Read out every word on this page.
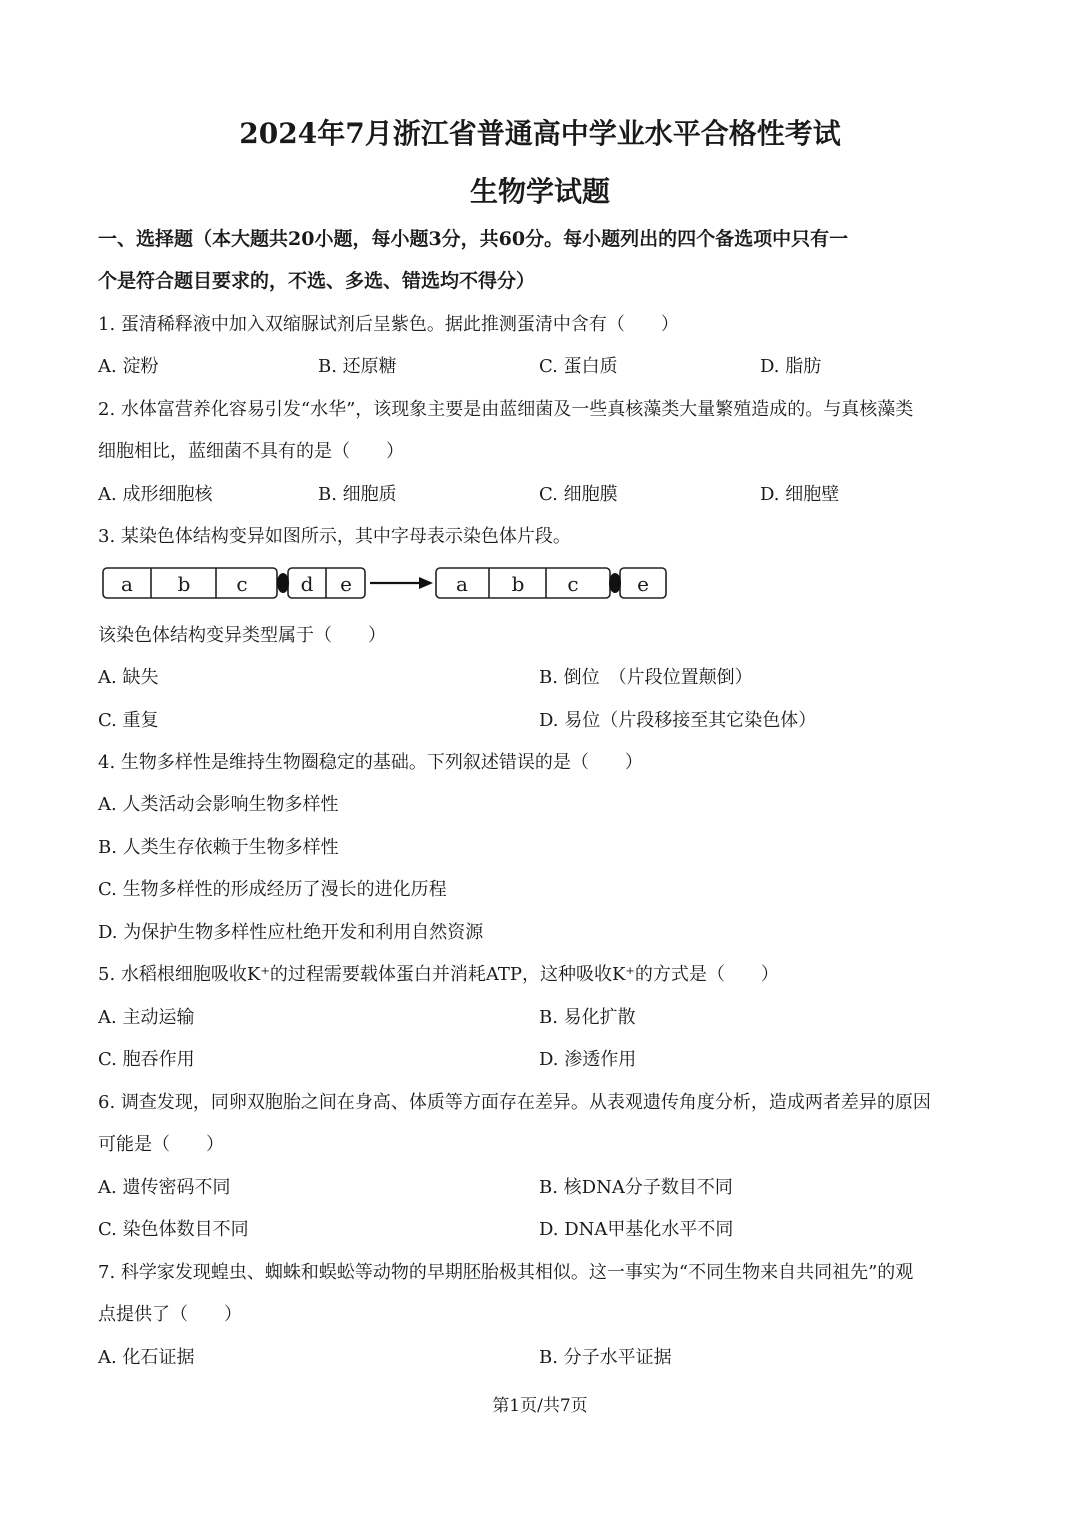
2024年7月浙江省普通高中学业水平合格性考试
生物学试题

一、选择题（本大题共20小题，每小题3分，共60分。每小题列出的四个备选项中只有一

个是符合题目要求的，不选、多选、错选均不得分）

1. 蛋清稀释液中加入双缩脲试剂后呈紫色。据此推测蛋清中含有（　　）

A. 淀粉	B. 还原糖	C. 蛋白质	D. 脂肪

2. 水体富营养化容易引发“水华”，该现象主要是由蓝细菌及一些真核藻类大量繁殖造成的。与真核藻类

细胞相比，蓝细菌不具有的是（　　）

A. 成形细胞核	B. 细胞质	C. 细胞膜	D. 细胞壁

3. 某染色体结构变异如图所示，其中字母表示染色体片段。

a b c	d e	a b c	e

该染色体结构变异类型属于（　　）

A. 缺失	B. 倒位　（片段位置颠倒）

C. 重复	D. 易位（片段移接至其它染色体）

4. 生物多样性是维持生物圈稳定的基础。下列叙述错误的是（　　）

A. 人类活动会影响生物多样性

B. 人类生存依赖于生物多样性

C. 生物多样性的形成经历了漫长的进化历程

D. 为保护生物多样性应杜绝开发和利用自然资源

5. 水稻根细胞吸收K⁺的过程需要载体蛋白并消耗ATP，这种吸收K⁺的方式是（　　）

A. 主动运输	B. 易化扩散

C. 胞吞作用	D. 渗透作用

6. 调查发现，同卵双胞胎之间在身高、体质等方面存在差异。从表观遗传角度分析，造成两者差异的原因

可能是（　　）

A. 遗传密码不同	B. 核DNA分子数目不同

C. 染色体数目不同	D. DNA甲基化水平不同

7. 科学家发现蝗虫、蜘蛛和蜈蚣等动物的早期胚胎极其相似。这一事实为“不同生物来自共同祖先”的观

点提供了（　　）

A. 化石证据	B. 分子水平证据

第1页/共7页
